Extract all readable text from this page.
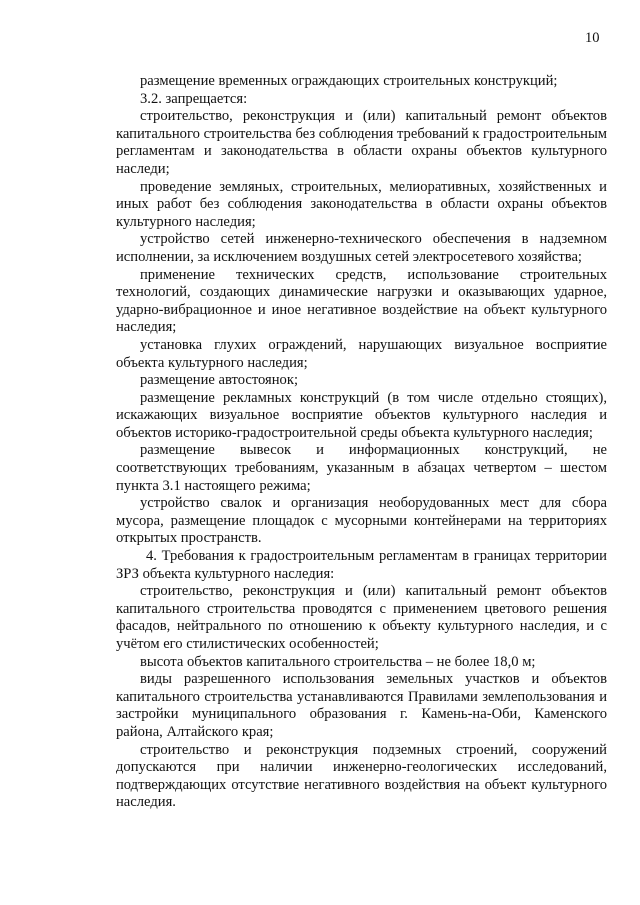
10

размещение временных ограждающих строительных конструкций;

3.2. запрещается:

строительство, реконструкция и (или) капитальный ремонт объектов капитального строительства без соблюдения требований к градостроительным регламентам и законодательства в области охраны объектов культурного наследи;

проведение земляных, строительных, мелиоративных, хозяйственных и иных работ без соблюдения законодательства в области охраны объектов культурного наследия;

устройство сетей инженерно-технического обеспечения в надземном исполнении, за исключением воздушных сетей электросетевого хозяйства;

применение технических средств, использование строительных технологий, создающих динамические нагрузки и оказывающих ударное, ударно-вибрационное и иное негативное воздействие на объект культурного наследия;

установка глухих ограждений, нарушающих визуальное восприятие объекта культурного наследия;

размещение автостоянок;

размещение рекламных конструкций (в том числе отдельно стоящих), искажающих визуальное восприятие объектов культурного наследия и объектов историко-градостроительной среды объекта культурного наследия;

размещение вывесок и информационных конструкций, не соответствующих требованиям, указанным в абзацах четвертом – шестом пункта 3.1 настоящего режима;

устройство свалок и организация необорудованных мест для сбора мусора, размещение площадок с мусорными контейнерами на территориях открытых пространств.

4. Требования к градостроительным регламентам в границах территории ЗРЗ объекта культурного наследия:

строительство, реконструкция и (или) капитальный ремонт объектов капитального строительства проводятся с применением цветового решения фасадов, нейтрального по отношению к объекту культурного наследия, и с учётом его стилистических особенностей;

высота объектов капитального строительства – не более 18,0 м;

виды разрешенного использования земельных участков и объектов капитального строительства устанавливаются Правилами землепользования и застройки муниципального образования г. Камень-на-Оби, Каменского района, Алтайского края;

строительство и реконструкция подземных строений, сооружений допускаются при наличии инженерно-геологических исследований, подтверждающих отсутствие негативного воздействия на объект культурного наследия.
